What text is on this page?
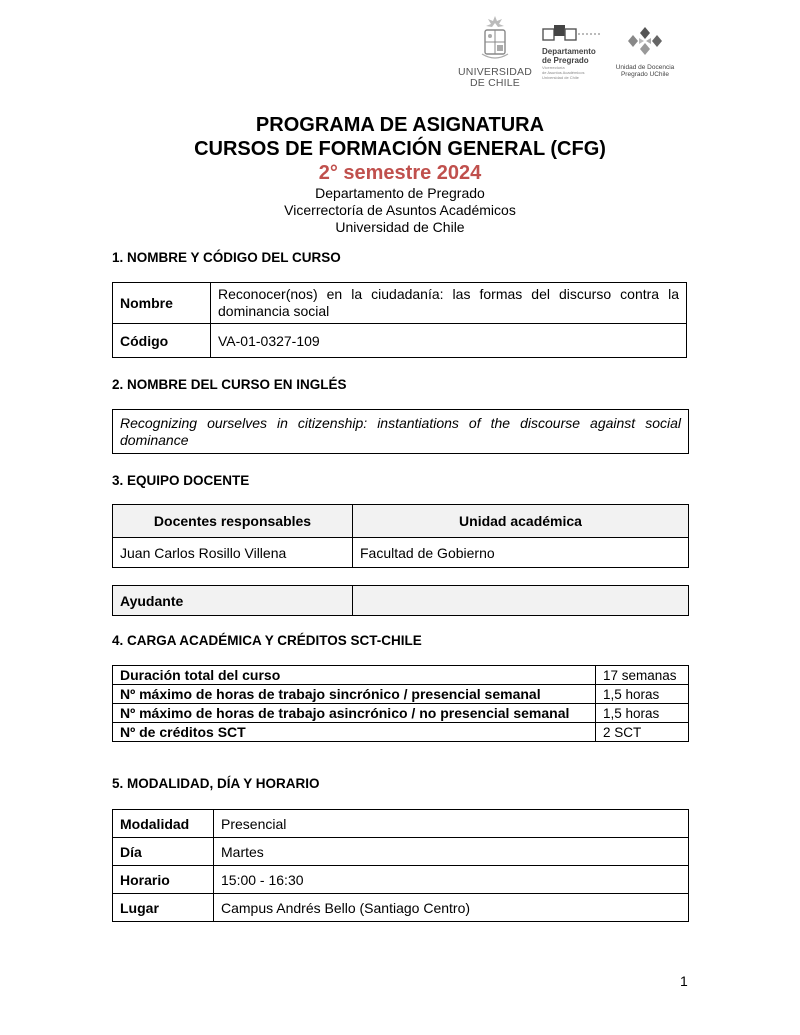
UNIVERSIDAD
DE CHILE
Departamento
de Pregrado
Vicerrectoría
de Asuntos Académicos
Universidad de Chile
Unidad de Docencia
Pregrado UChile
PROGRAMA DE ASIGNATURA
CURSOS DE FORMACIÓN GENERAL (CFG)
2° semestre 2024
Departamento de Pregrado
Vicerrectoría de Asuntos Académicos
Universidad de Chile
1. NOMBRE Y CÓDIGO DEL CURSO
Nombre	Reconocer(nos) en la ciudadanía: las formas del discurso contra la dominancia social
Código	VA-01-0327-109
2. NOMBRE DEL CURSO EN INGLÉS
Recognizing ourselves in citizenship: instantiations of the discourse against social dominance
3. EQUIPO DOCENTE
Docentes responsables	Unidad académica
Juan Carlos Rosillo Villena	Facultad de Gobierno
Ayudante	
4. CARGA ACADÉMICA Y CRÉDITOS SCT-CHILE
Duración total del curso	17 semanas
Nº máximo de horas de trabajo sincrónico / presencial semanal	1,5 horas
Nº máximo de horas de trabajo asincrónico / no presencial semanal	1,5 horas
Nº de créditos SCT	2 SCT
5. MODALIDAD, DÍA Y HORARIO
Modalidad	Presencial
Día	Martes
Horario	15:00 - 16:30
Lugar	Campus Andrés Bello (Santiago Centro)
1
